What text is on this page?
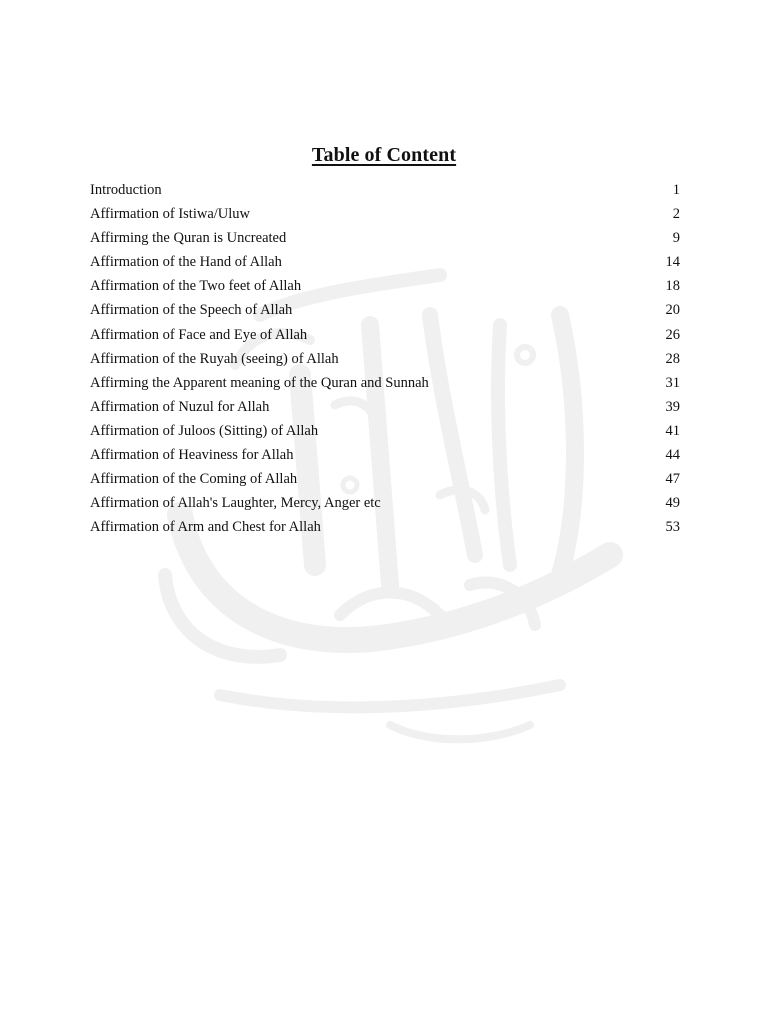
Table of Content
Introduction	1
Affirmation of Istiwa/Uluw	2
Affirming the Quran is Uncreated	9
Affirmation of the Hand of Allah	14
Affirmation of the Two feet of Allah	18
Affirmation of the Speech of Allah	20
Affirmation of Face and Eye of Allah	26
Affirmation of the Ruyah (seeing) of Allah	28
Affirming the Apparent meaning of the Quran and Sunnah	31
Affirmation of Nuzul for Allah	39
Affirmation of Juloos (Sitting) of Allah	41
Affirmation of Heaviness for Allah	44
Affirmation of the Coming of Allah	47
Affirmation of Allah's Laughter, Mercy, Anger etc	49
Affirmation of Arm and Chest for Allah	53
